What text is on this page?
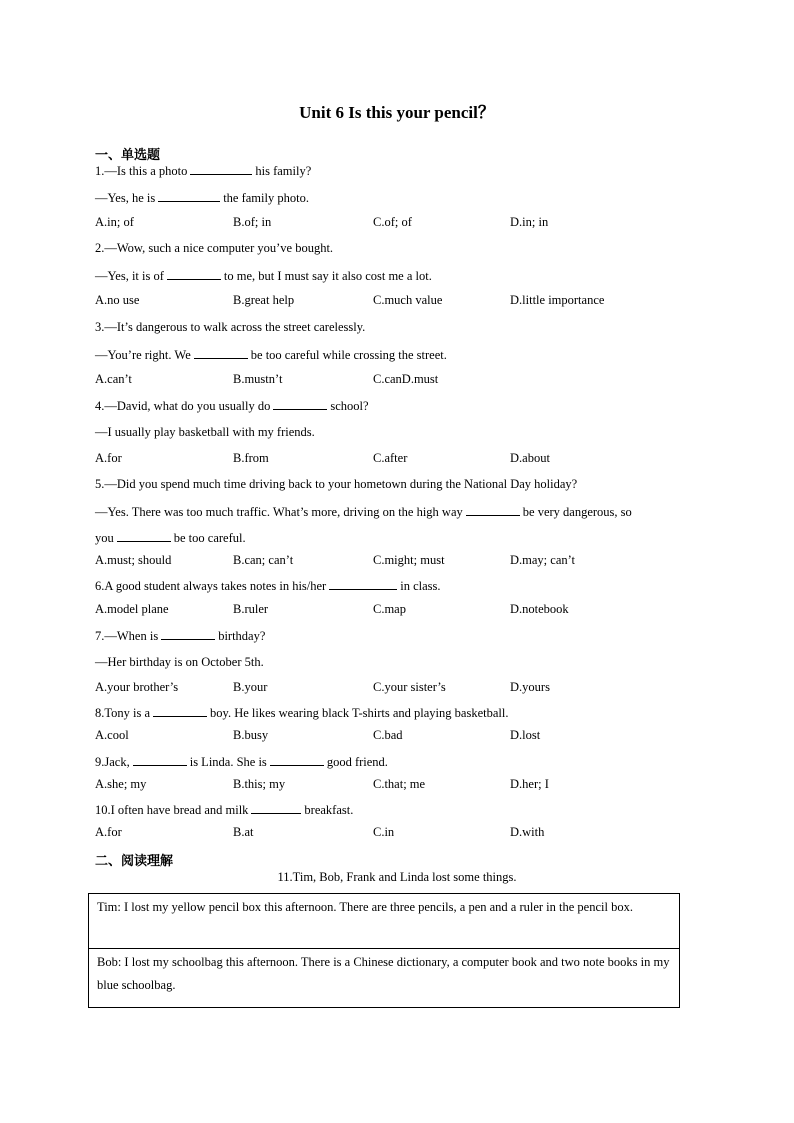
Unit 6 Is this your pencil？
一、单选题
1.—Is this a photo	his family?
—Yes, he is	the family photo.
A.in; of	B.of; in	C.of; of	D.in; in
2.—Wow, such a nice computer you’ve bought.
—Yes, it is of	to me, but I must say it also cost me a lot.
A.no use	B.great help	C.much value	D.little importance
3.—It’s dangerous to walk across the street carelessly.
—You’re right. We	be too careful while crossing the street.
A.can’t	B.mustn’t	C.canD.must
4.—David, what do you usually do	school?
—I usually play basketball with my friends.
A.for	B.from	C.after	D.about
5.—Did you spend much time driving back to your hometown during the National Day holiday?
—Yes. There was too much traffic. What’s more, driving on the high way	be very dangerous, so
you	be too careful.
A.must; should	B.can; can’t	C.might; must	D.may; can’t
6.A good student always takes notes in his/her	in class.
A.model plane	B.ruler	C.map	D.notebook
7.—When is	birthday?
—Her birthday is on October 5th.
A.your brother’s	B.your	C.your sister’s	D.yours
8.Tony is a	boy. He likes wearing black T-shirts and playing basketball.
A.cool	B.busy	C.bad	D.lost
9.Jack,	is Linda. She is	good friend.
A.she; my	B.this; my	C.that; me	D.her; I
10.I often have bread and milk	breakfast.
A.for	B.at	C.in	D.with
二、阅读理解
11.Tim, Bob, Frank and Linda lost some things.
Tim: I lost my yellow pencil box this afternoon. There are three pencils, a pen and a ruler in the pencil box.
Bob: I lost my schoolbag this afternoon. There is a Chinese dictionary, a computer book and two note books in my blue schoolbag.
